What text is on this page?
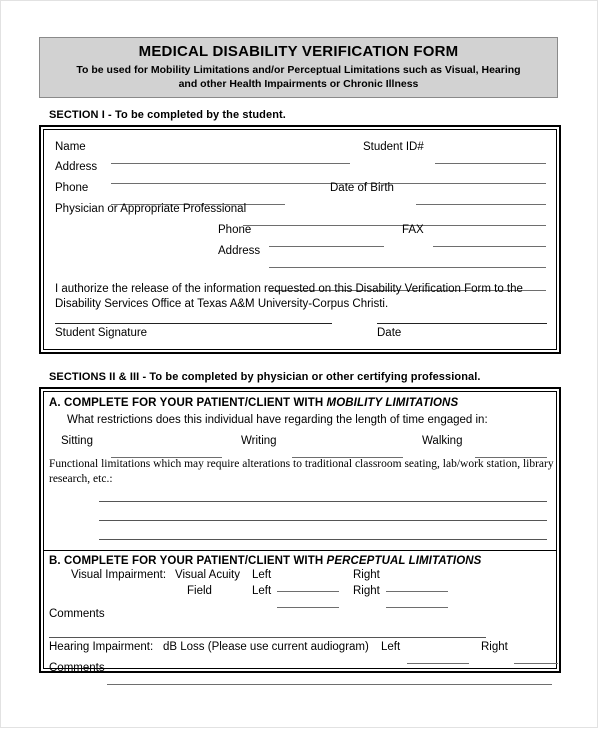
MEDICAL DISABILITY VERIFICATION FORM
To be used for Mobility Limitations and/or Perceptual Limitations such as Visual, Hearing
and other Health Impairments or Chronic Illness
SECTION I - To be completed by the student.
Name	Student ID#
Address
Phone	Date of Birth
Physician or Appropriate Professional
Phone	FAX
Address
I authorize the release of the information requested on this Disability Verification Form to the
Disability Services Office at Texas A&M University-Corpus Christi.
Student Signature	Date
SECTIONS II & III - To be completed by physician or other certifying professional.
A. COMPLETE FOR YOUR PATIENT/CLIENT WITH MOBILITY LIMITATIONS
What restrictions does this individual have regarding the length of time engaged in:
Sitting	Writing	Walking
Functional limitations which may require alterations to traditional classroom seating, lab/work station, library
research, etc.:
B. COMPLETE FOR YOUR PATIENT/CLIENT WITH PERCEPTUAL LIMITATIONS
Visual Impairment: Visual Acuity Left	Right
Field	Left	Right
Comments
Hearing Impairment: dB Loss (Please use current audiogram) Left	Right
Comments
